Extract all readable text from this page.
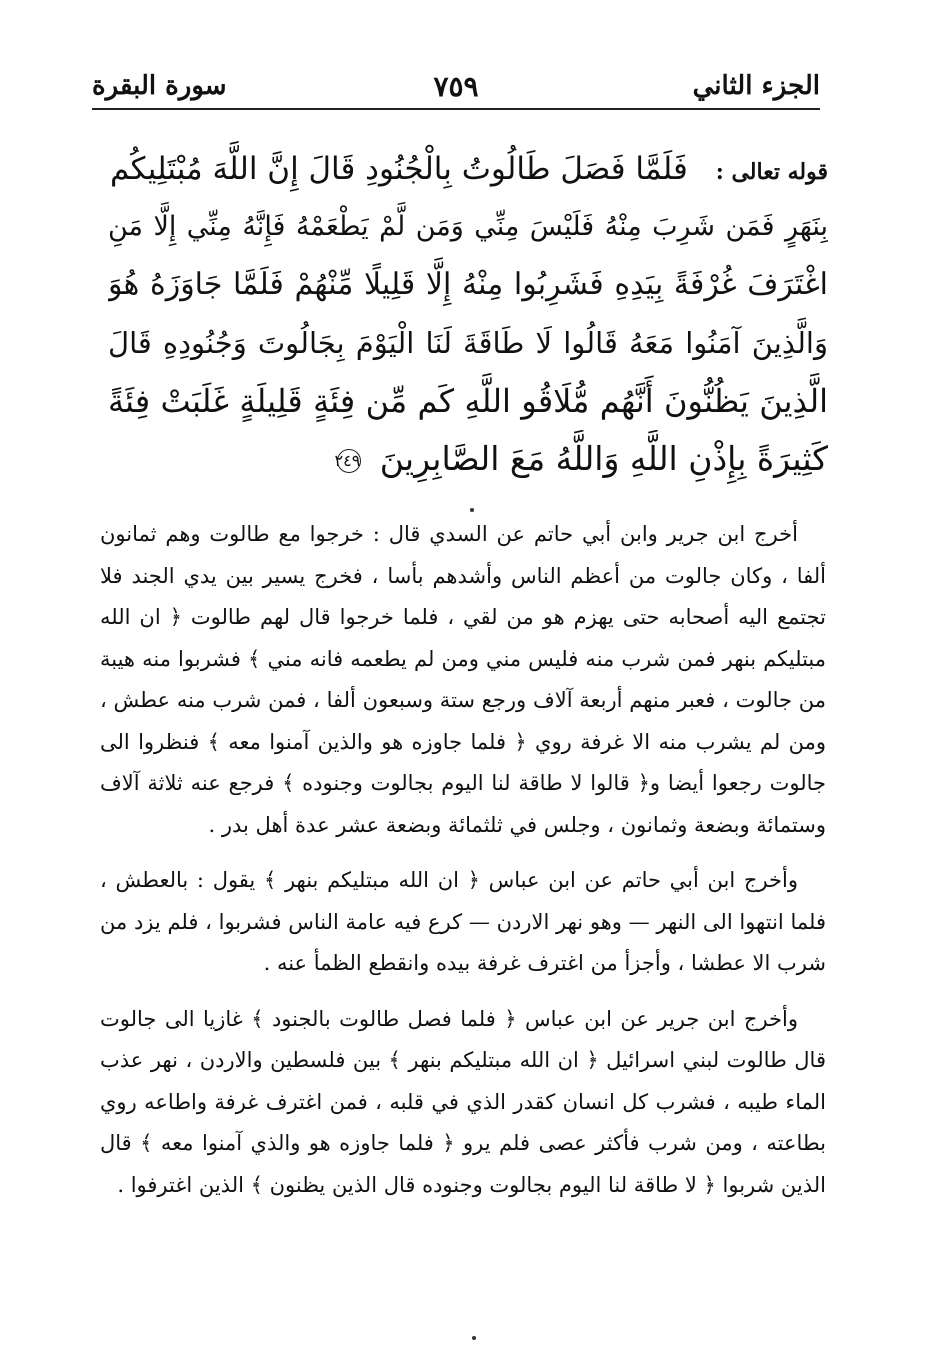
الجزء الثاني
٧٥٩
سورة البقرة
قوله تعالى : فَلَمَّا فَصَلَ طَالُوتُ بِالْجُنُودِ قَالَ إِنَّ اللَّهَ مُبْتَلِيكُم
بِنَهَرٍ فَمَن شَرِبَ مِنْهُ فَلَيْسَ مِنِّي وَمَن لَّمْ يَطْعَمْهُ فَإِنَّهُ مِنِّي إِلَّا مَنِ
اغْتَرَفَ غُرْفَةً بِيَدِهِ فَشَرِبُوا مِنْهُ إِلَّا قَلِيلًا مِّنْهُمْ فَلَمَّا جَاوَزَهُ هُوَ
وَالَّذِينَ آمَنُوا مَعَهُ قَالُوا لَا طَاقَةَ لَنَا الْيَوْمَ بِجَالُوتَ وَجُنُودِهِ قَالَ
الَّذِينَ يَظُنُّونَ أَنَّهُم مُّلَاقُو اللَّهِ كَم مِّن فِئَةٍ قَلِيلَةٍ غَلَبَتْ فِئَةً
كَثِيرَةً بِإِذْنِ اللَّهِ وَاللَّهُ مَعَ الصَّابِرِينَ ٢٤٩

أخرج ابن جرير وابن أبي حاتم عن السدي قال : خرجوا مع طالوت وهم ثمانون ألفا ، وكان جالوت من أعظم الناس وأشدهم بأسا ، فخرج يسير بين يدي الجند فلا تجتمع اليه أصحابه حتى يهزم هو من لقي ، فلما خرجوا قال لهم طالوت ﴿ ان الله مبتليكم بنهر فمن شرب منه فليس مني ومن لم يطعمه فانه مني ﴾ فشربوا منه هيبة من جالوت ، فعبر منهم أربعة آلاف ورجع ستة وسبعون ألفا ، فمن شرب منه عطش ، ومن لم يشرب منه الا غرفة روي ﴿ فلما جاوزه هو والذين آمنوا معه ﴾ فنظروا الى جالوت رجعوا أيضا و﴿ قالوا لا طاقة لنا اليوم بجالوت وجنوده ﴾ فرجع عنه ثلاثة آلاف وستمائة وبضعة وثمانون ، وجلس في ثلثمائة وبضعة عشر عدة أهل بدر .

وأخرج ابن أبي حاتم عن ابن عباس ﴿ ان الله مبتليكم بنهر ﴾ يقول : بالعطش ، فلما انتهوا الى النهر — وهو نهر الاردن — كرع فيه عامة الناس فشربوا ، فلم يزد من شرب الا عطشا ، وأجزأ من اغترف غرفة بيده وانقطع الظمأ عنه .

وأخرج ابن جرير عن ابن عباس ﴿ فلما فصل طالوت بالجنود ﴾ غازيا الى جالوت قال طالوت لبني اسرائيل ﴿ ان الله مبتليكم بنهر ﴾ بين فلسطين والاردن ، نهر عذب الماء طيبه ، فشرب كل انسان كقدر الذي في قلبه ، فمن اغترف غرفة واطاعه روي بطاعته ، ومن شرب فأكثر عصى فلم يرو ﴿ فلما جاوزه هو والذي آمنوا معه ﴾ قال الذين شربوا ﴿ لا طاقة لنا اليوم بجالوت وجنوده قال الذين يظنون ﴾ الذين اغترفوا .
